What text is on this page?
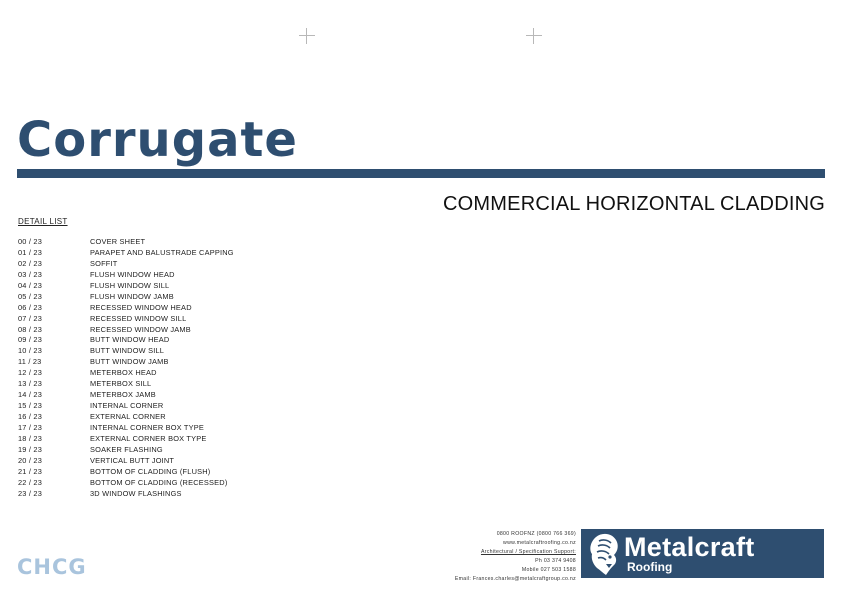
Corrugate
COMMERCIAL HORIZONTAL CLADDING
DETAIL LIST
00 / 23	COVER SHEET
01 / 23	PARAPET AND BALUSTRADE CAPPING
02 / 23	SOFFIT
03 / 23	FLUSH WINDOW HEAD
04 / 23	FLUSH WINDOW SILL
05 / 23	FLUSH WINDOW JAMB
06 / 23	RECESSED WINDOW HEAD
07 / 23	RECESSED WINDOW SILL
08 / 23	RECESSED WINDOW JAMB
09 / 23	BUTT WINDOW HEAD
10 / 23	BUTT WINDOW SILL
11 / 23	BUTT WINDOW JAMB
12 / 23	METERBOX HEAD
13 / 23	METERBOX SILL
14 / 23	METERBOX JAMB
15 / 23	INTERNAL CORNER
16 / 23	EXTERNAL CORNER
17 / 23	INTERNAL CORNER BOX TYPE
18 / 23	EXTERNAL CORNER BOX TYPE
19 / 23	SOAKER FLASHING
20 / 23	VERTICAL BUTT JOINT
21 / 23	BOTTOM OF CLADDING (FLUSH)
22 / 23	BOTTOM OF CLADDING (RECESSED)
23 / 23	3D WINDOW FLASHINGS
CHCG
0800 ROOFNZ (0800 766 369)
www.metalcraftroofing.co.nz
Architectural / Specification Support:
Ph 03 374 9408
Mobile 027 503 1588
Email: Frances.charles@metalcraftgroup.co.nz
Metalcraft
Roofing
